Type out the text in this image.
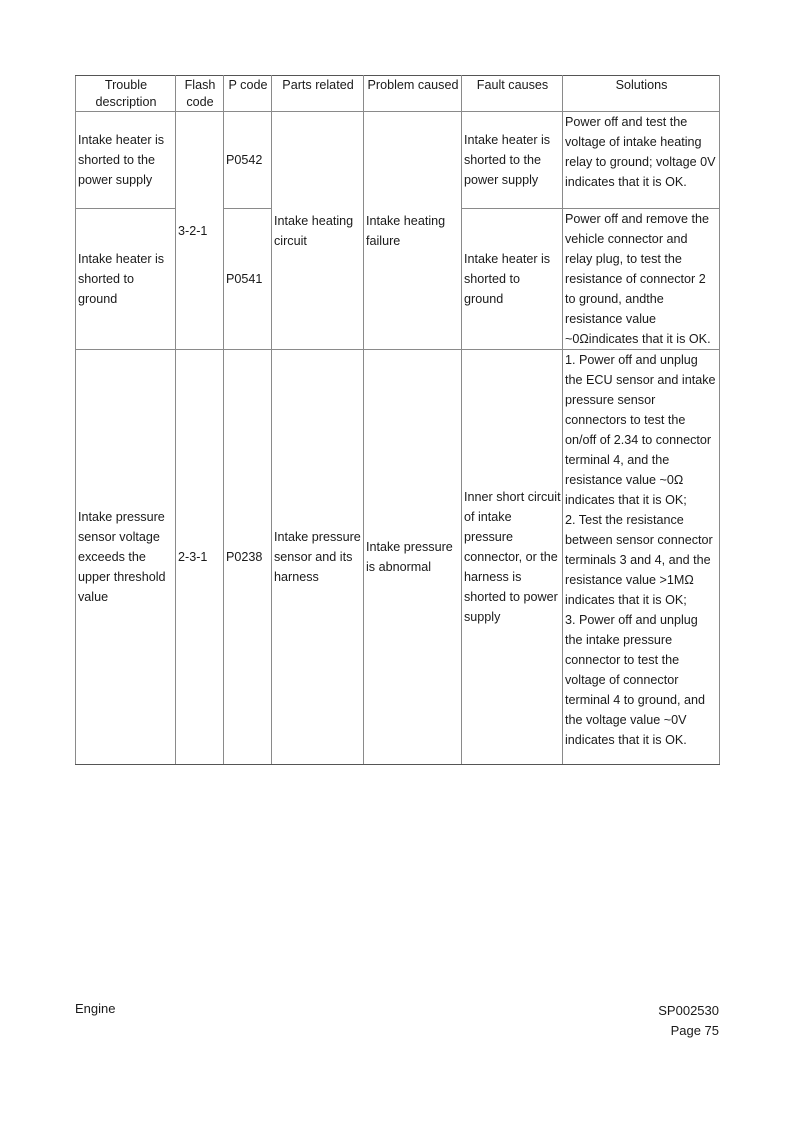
Trouble description	Flash code	P code	Parts related	Problem caused	Fault causes	Solutions
Intake heater is shorted to the power supply	3-2-1	P0542	Intake heating circuit	Intake heating failure	Intake heater is shorted to the power supply	Power off and test the voltage of intake heating relay to ground; voltage 0V indicates that it is OK.
Intake heater is shorted to ground		P0541			Intake heater is shorted to ground	Power off and remove the vehicle connector and relay plug, to test the resistance of connector 2 to ground, andthe resistance value ~0Ωindicates that it is OK.
Intake pressure sensor voltage exceeds the upper threshold value	2-3-1	P0238	Intake pressure sensor and its harness	Intake pressure is abnormal	Inner short circuit of intake pressure connector, or the harness is shorted to power supply	1. Power off and unplug the ECU sensor and intake pressure sensor connectors to test the on/off of 2.34 to connector terminal 4, and the resistance value ~0Ω indicates that it is OK;
2. Test the resistance between sensor connector terminals 3 and 4, and the resistance value >1MΩ indicates that it is OK;
3. Power off and unplug the intake pressure connector to test the voltage of connector terminal 4 to ground, and the voltage value ~0V indicates that it is OK.
Engine	SP002530
Page 75
